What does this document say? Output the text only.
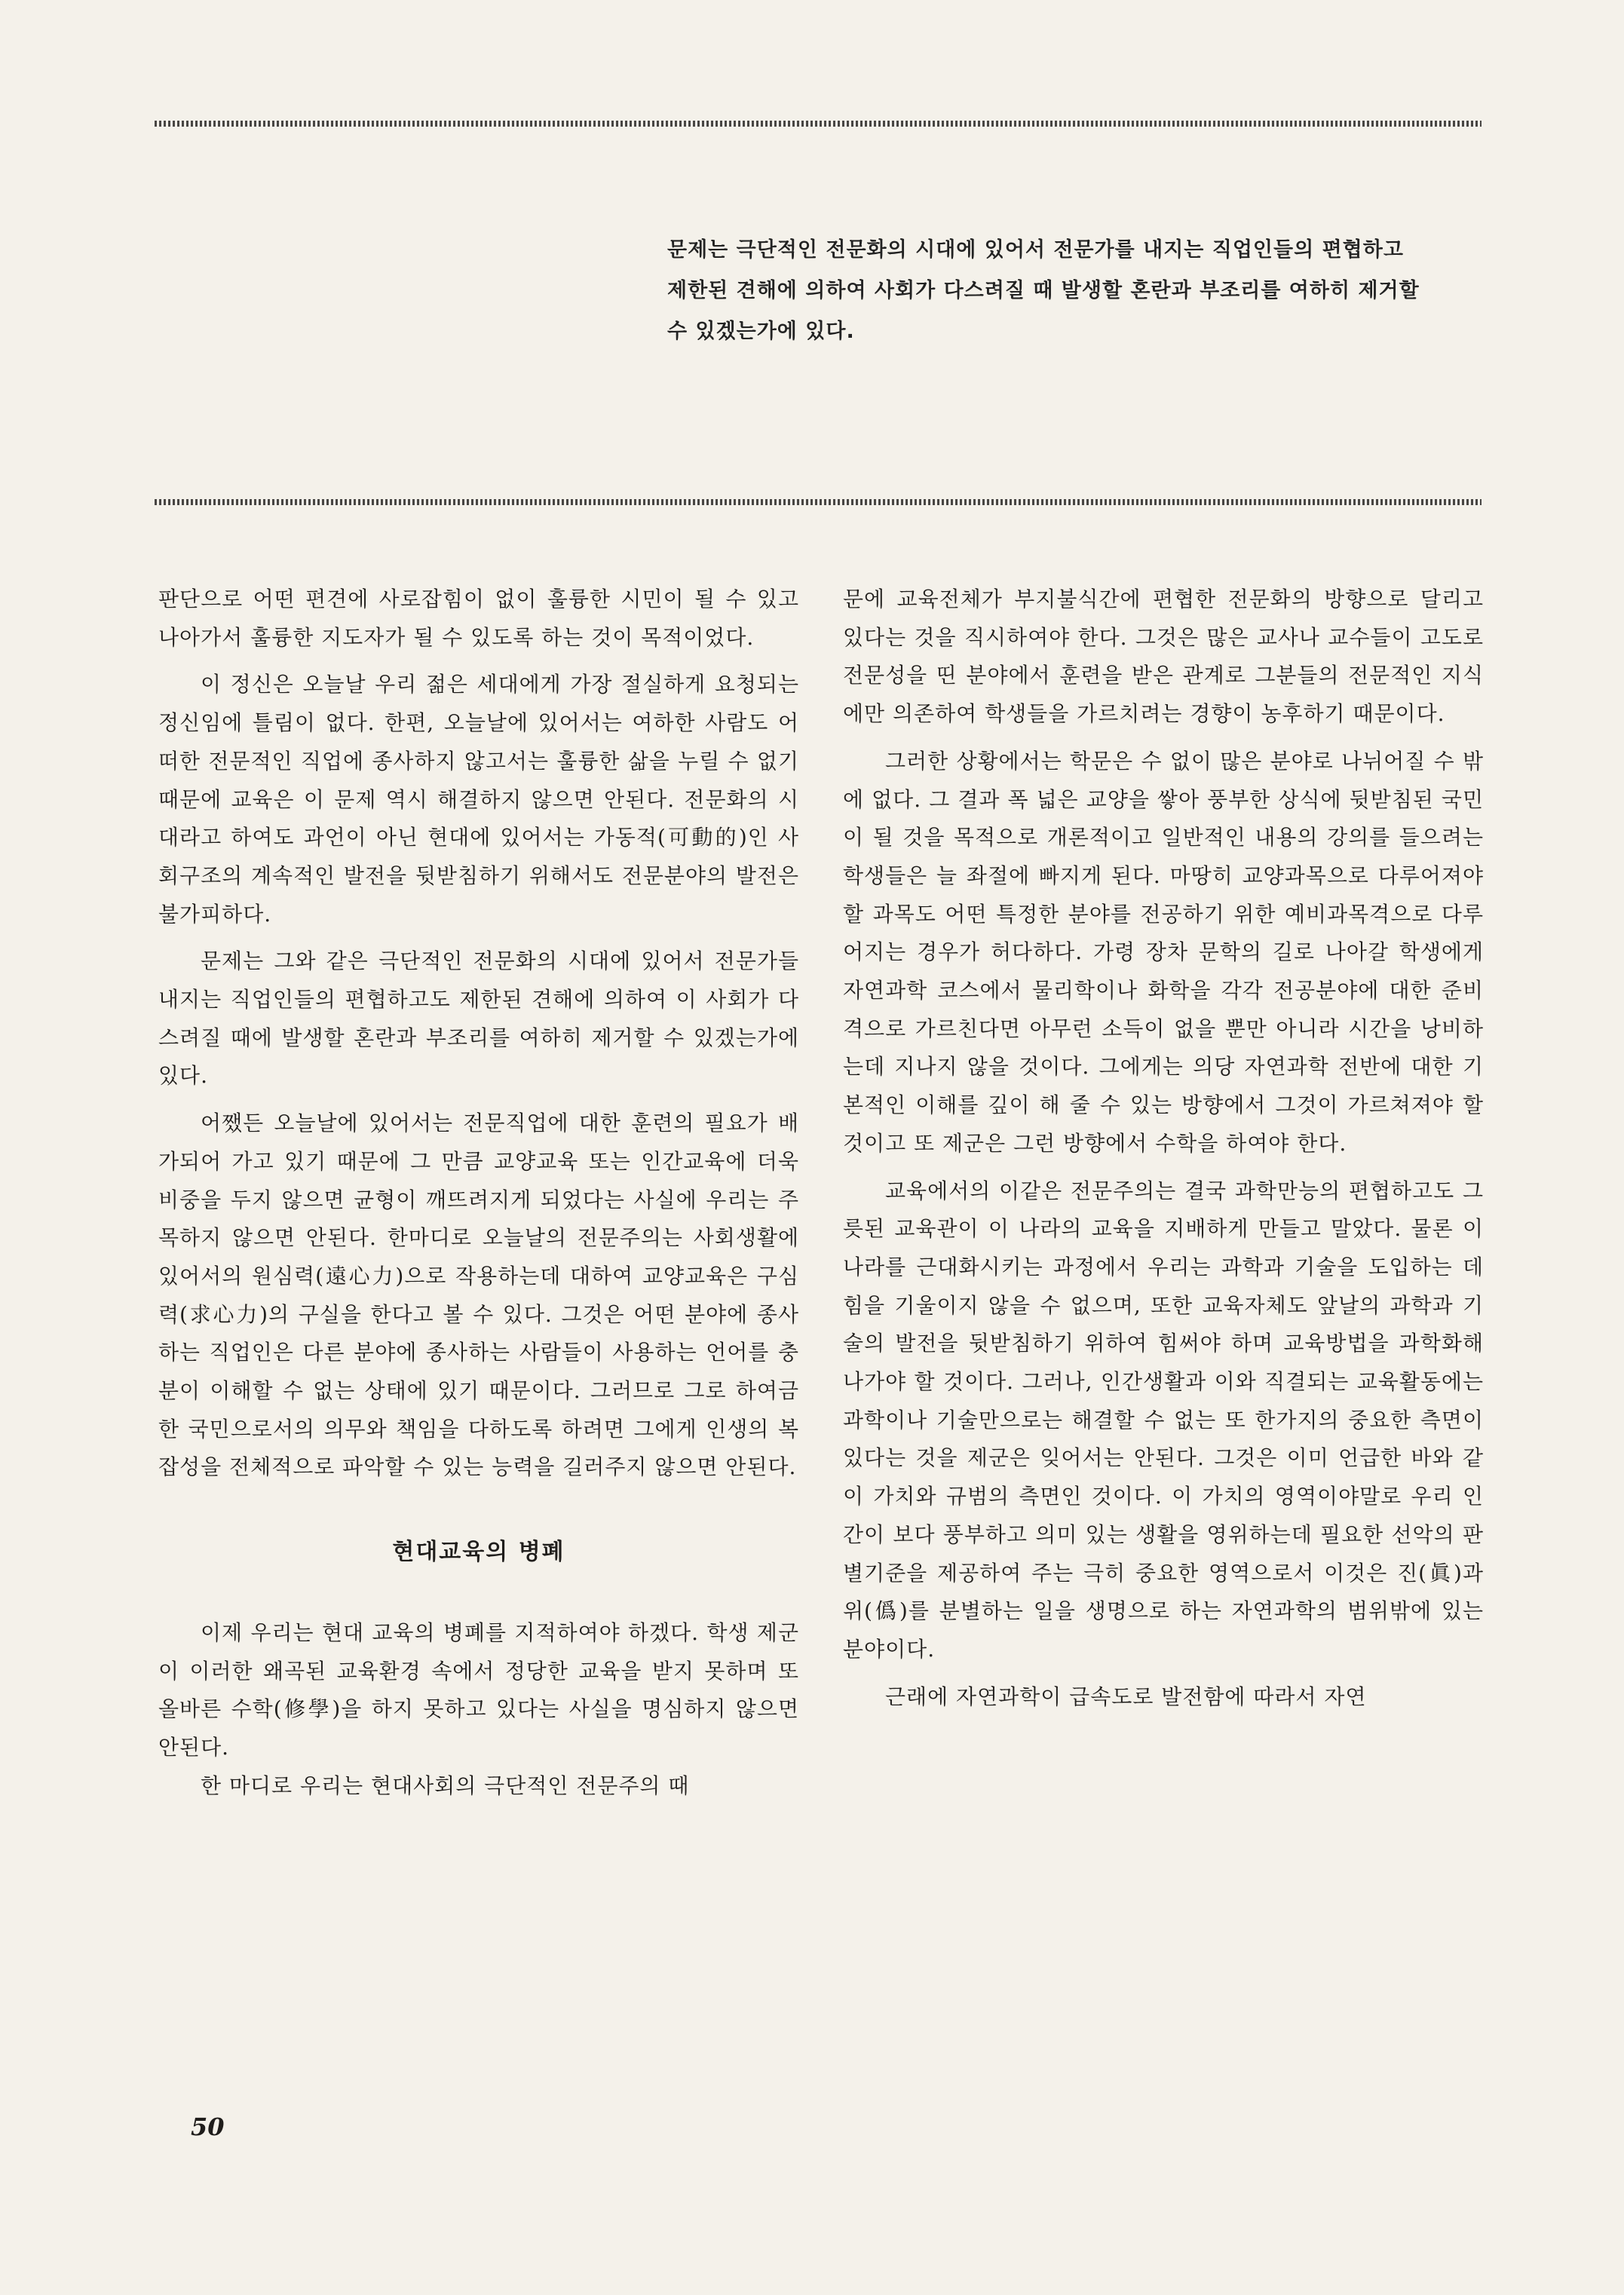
문제는 극단적인 전문화의 시대에 있어서 전문가를 내지는 직업인들의 편협하고 제한된 견해에 의하여 사회가 다스려질 때 발생할 혼란과 부조리를 여하히 제거할 수 있겠는가에 있다.

판단으로 어떤 편견에 사로잡힘이 없이 훌륭한 시민이 될 수 있고 나아가서 훌륭한 지도자가 될 수 있도록 하는 것이 목적이었다.

이 정신은 오늘날 우리 젊은 세대에게 가장 절실하게 요청되는 정신임에 틀림이 없다. 한편, 오늘날에 있어서는 여하한 사람도 어떠한 전문적인 직업에 종사하지 않고서는 훌륭한 삶을 누릴 수 없기 때문에 교육은 이 문제 역시 해결하지 않으면 안된다. 전문화의 시대라고 하여도 과언이 아닌 현대에 있어서는 가동적(可動的)인 사회구조의 계속적인 발전을 뒷받침하기 위해서도 전문분야의 발전은 불가피하다.

문제는 그와 같은 극단적인 전문화의 시대에 있어서 전문가들 내지는 직업인들의 편협하고도 제한된 견해에 의하여 이 사회가 다스려질 때에 발생할 혼란과 부조리를 여하히 제거할 수 있겠는가에 있다.

어쨌든 오늘날에 있어서는 전문직업에 대한 훈련의 필요가 배가되어 가고 있기 때문에 그 만큼 교양교육 또는 인간교육에 더욱 비중을 두지 않으면 균형이 깨뜨려지게 되었다는 사실에 우리는 주목하지 않으면 안된다. 한마디로 오늘날의 전문주의는 사회생활에 있어서의 원심력(遠心力)으로 작용하는데 대하여 교양교육은 구심력(求心力)의 구실을 한다고 볼 수 있다. 그것은 어떤 분야에 종사하는 직업인은 다른 분야에 종사하는 사람들이 사용하는 언어를 충분이 이해할 수 없는 상태에 있기 때문이다. 그러므로 그로 하여금 한 국민으로서의 의무와 책임을 다하도록 하려면 그에게 인생의 복잡성을 전체적으로 파악할 수 있는 능력을 길러주지 않으면 안된다.

현대교육의 병폐

이제 우리는 현대 교육의 병폐를 지적하여야 하겠다. 학생 제군이 이러한 왜곡된 교육환경 속에서 정당한 교육을 받지 못하며 또 올바른 수학(修學)을 하지 못하고 있다는 사실을 명심하지 않으면 안된다.

한 마디로 우리는 현대사회의 극단적인 전문주의 때

문에 교육전체가 부지불식간에 편협한 전문화의 방향으로 달리고 있다는 것을 직시하여야 한다. 그것은 많은 교사나 교수들이 고도로 전문성을 띤 분야에서 훈련을 받은 관계로 그분들의 전문적인 지식에만 의존하여 학생들을 가르치려는 경향이 농후하기 때문이다.

그러한 상황에서는 학문은 수 없이 많은 분야로 나뉘어질 수 밖에 없다. 그 결과 폭 넓은 교양을 쌓아 풍부한 상식에 뒷받침된 국민이 될 것을 목적으로 개론적이고 일반적인 내용의 강의를 들으려는 학생들은 늘 좌절에 빠지게 된다. 마땅히 교양과목으로 다루어져야할 과목도 어떤 특정한 분야를 전공하기 위한 예비과목격으로 다루어지는 경우가 허다하다. 가령 장차 문학의 길로 나아갈 학생에게 자연과학 코스에서 물리학이나 화학을 각각 전공분야에 대한 준비격으로 가르친다면 아무런 소득이 없을 뿐만 아니라 시간을 낭비하는데 지나지 않을 것이다. 그에게는 의당 자연과학 전반에 대한 기본적인 이해를 깊이 해 줄 수 있는 방향에서 그것이 가르쳐져야 할 것이고 또 제군은 그런 방향에서 수학을 하여야 한다.

교육에서의 이같은 전문주의는 결국 과학만능의 편협하고도 그릇된 교육관이 이 나라의 교육을 지배하게 만들고 말았다. 물론 이 나라를 근대화시키는 과정에서 우리는 과학과 기술을 도입하는 데 힘을 기울이지 않을 수 없으며, 또한 교육자체도 앞날의 과학과 기술의 발전을 뒷받침하기 위하여 힘써야 하며 교육방법을 과학화해 나가야 할 것이다. 그러나, 인간생활과 이와 직결되는 교육활동에는 과학이나 기술만으로는 해결할 수 없는 또 한가지의 중요한 측면이 있다는 것을 제군은 잊어서는 안된다. 그것은 이미 언급한 바와 같이 가치와 규범의 측면인 것이다. 이 가치의 영역이야말로 우리 인간이 보다 풍부하고 의미 있는 생활을 영위하는데 필요한 선악의 판별기준을 제공하여 주는 극히 중요한 영역으로서 이것은 진(眞)과 위(僞)를 분별하는 일을 생명으로 하는 자연과학의 범위밖에 있는 분야이다.

근래에 자연과학이 급속도로 발전함에 따라서 자연

50
